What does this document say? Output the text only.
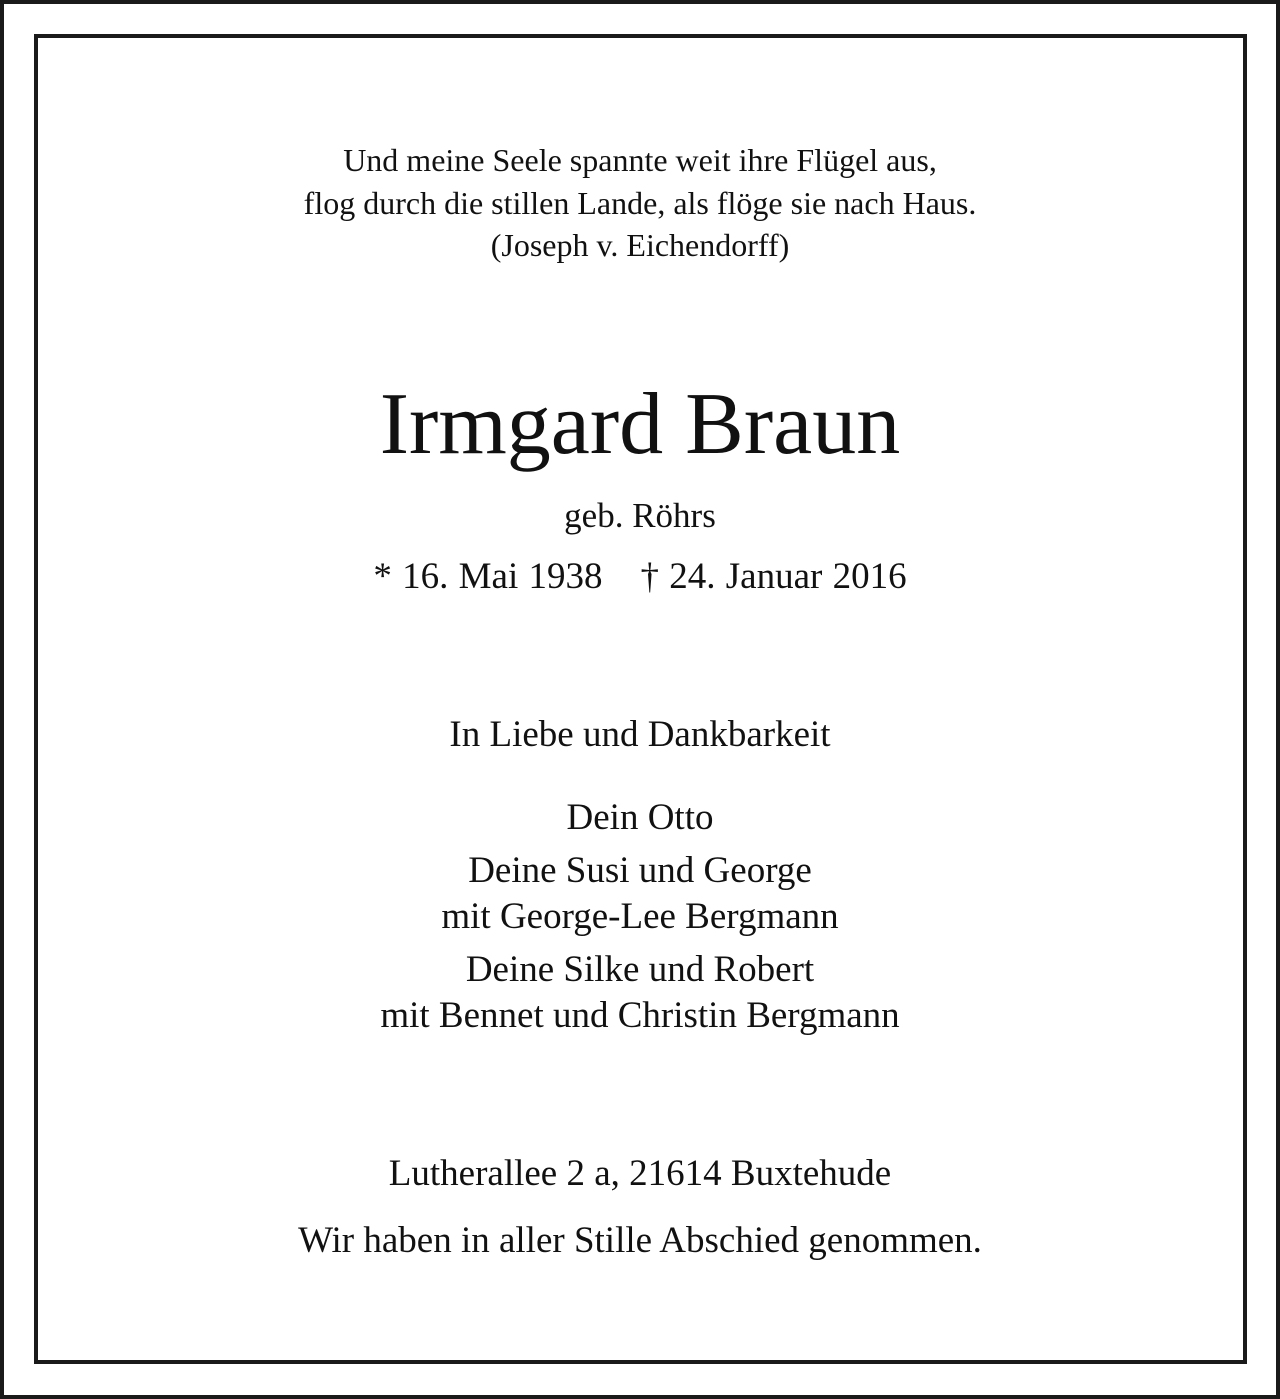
Und meine Seele spannte weit ihre Flügel aus,
flog durch die stillen Lande, als flöge sie nach Haus.
(Joseph v. Eichendorff)
Irmgard Braun
geb. Röhrs
* 16. Mai 1938 † 24. Januar 2016
In Liebe und Dankbarkeit
Dein Otto
Deine Susi und George
mit George-Lee Bergmann
Deine Silke und Robert
mit Bennet und Christin Bergmann
Lutherallee 2 a, 21614 Buxtehude
Wir haben in aller Stille Abschied genommen.
